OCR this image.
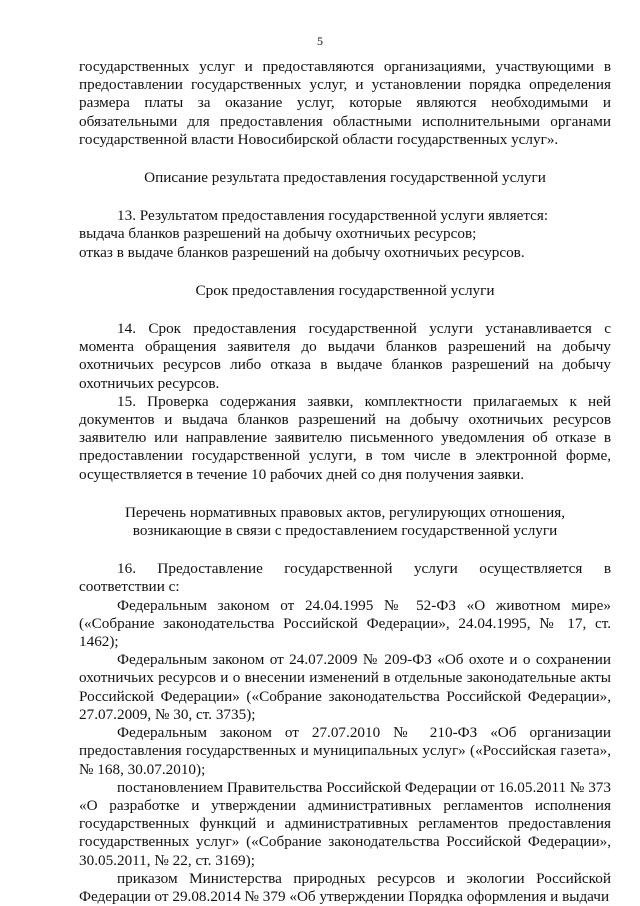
5

государственных услуг и предоставляются организациями, участвующими в предоставлении государственных услуг, и установлении порядка определения размера платы за оказание услуг, которые являются необходимыми и обязательными для предоставления областными исполнительными органами государственной власти Новосибирской области государственных услуг».

Описание результата предоставления государственной услуги

13. Результатом предоставления государственной услуги является:

выдача бланков разрешений на добычу охотничьих ресурсов;

отказ в выдаче бланков разрешений на добычу охотничьих ресурсов.

Срок предоставления государственной услуги

14. Срок предоставления государственной услуги устанавливается с момента обращения заявителя до выдачи бланков разрешений на добычу охотничьих ресурсов либо отказа в выдаче бланков разрешений на добычу охотничьих ресурсов.

15. Проверка содержания заявки, комплектности прилагаемых к ней документов и выдача бланков разрешений на добычу охотничьих ресурсов заявителю или направление заявителю письменного уведомления об отказе в предоставлении государственной услуги, в том числе в электронной форме, осуществляется в течение 10 рабочих дней со дня получения заявки.

Перечень нормативных правовых актов, регулирующих отношения, возникающие в связи с предоставлением государственной услуги

16. Предоставление государственной услуги осуществляется в соответствии с:

Федеральным законом от 24.04.1995 № 52-ФЗ «О животном мире» («Собрание законодательства Российской Федерации», 24.04.1995, № 17, ст. 1462);

Федеральным законом от 24.07.2009 № 209-ФЗ «Об охоте и о сохранении охотничьих ресурсов и о внесении изменений в отдельные законодательные акты Российской Федерации» («Собрание законодательства Российской Федерации», 27.07.2009, № 30, ст. 3735);

Федеральным законом от 27.07.2010 № 210-ФЗ «Об организации предоставления государственных и муниципальных услуг» («Российская газета», № 168, 30.07.2010);

постановлением Правительства Российской Федерации от 16.05.2011 № 373 «О разработке и утверждении административных регламентов исполнения государственных функций и административных регламентов предоставления государственных услуг» («Собрание законодательства Российской Федерации», 30.05.2011, № 22, ст. 3169);

приказом Министерства природных ресурсов и экологии Российской Федерации от 29.08.2014 № 379 «Об утверждении Порядка оформления и выдачи
